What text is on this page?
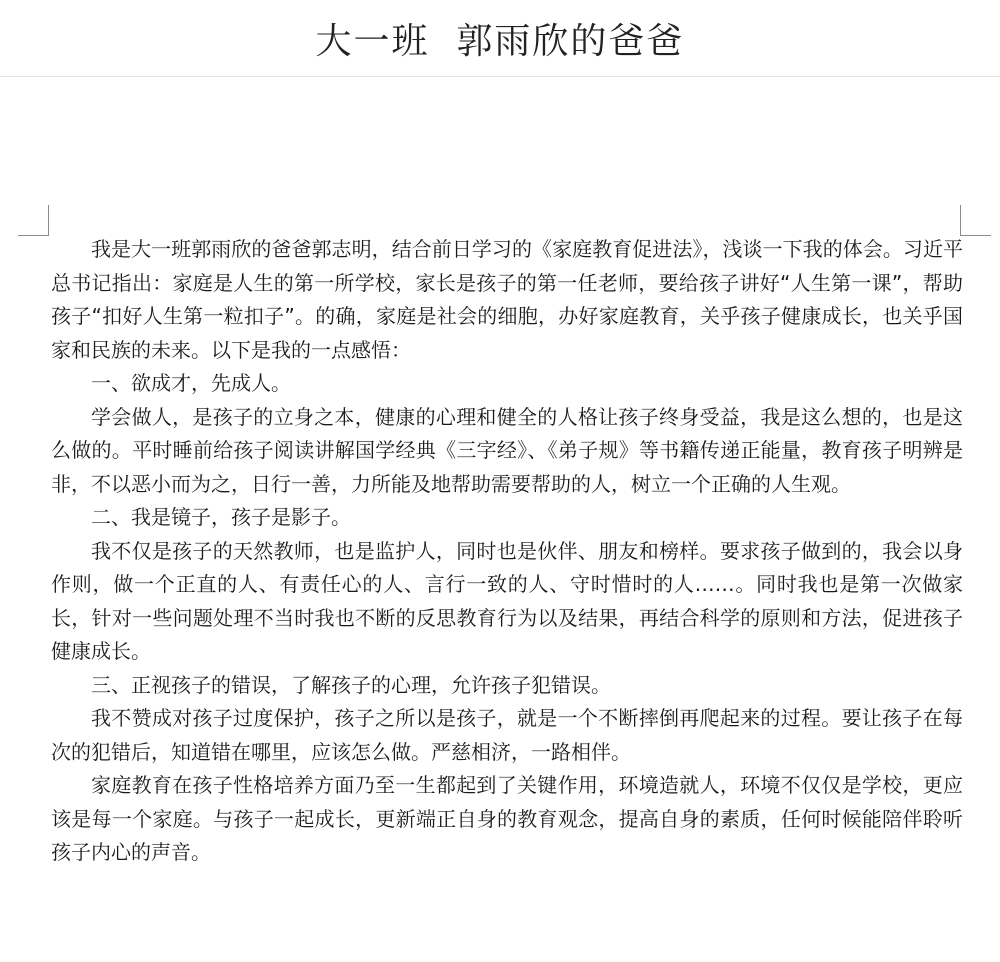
大一班  郭雨欣的爸爸

我是大一班郭雨欣的爸爸郭志明，结合前日学习的《家庭教育促进法》，浅谈一下我的体会。习近平总书记指出：家庭是人生的第一所学校，家长是孩子的第一任老师，要给孩子讲好“人生第一课”，帮助孩子“扣好人生第一粒扣子”。的确，家庭是社会的细胞，办好家庭教育，关乎孩子健康成长，也关乎国家和民族的未来。以下是我的一点感悟：

一、欲成才，先成人。

学会做人，是孩子的立身之本，健康的心理和健全的人格让孩子终身受益，我是这么想的，也是这么做的。平时睡前给孩子阅读讲解国学经典《三字经》、《弟子规》等书籍传递正能量，教育孩子明辨是非，不以恶小而为之，日行一善，力所能及地帮助需要帮助的人，树立一个正确的人生观。

二、我是镜子，孩子是影子。

我不仅是孩子的天然教师，也是监护人，同时也是伙伴、朋友和榜样。要求孩子做到的，我会以身作则，做一个正直的人、有责任心的人、言行一致的人、守时惜时的人……。同时我也是第一次做家长，针对一些问题处理不当时我也不断的反思教育行为以及结果，再结合科学的原则和方法，促进孩子健康成长。

三、正视孩子的错误，了解孩子的心理，允许孩子犯错误。

我不赞成对孩子过度保护，孩子之所以是孩子，就是一个不断摔倒再爬起来的过程。要让孩子在每次的犯错后，知道错在哪里，应该怎么做。严慈相济，一路相伴。

家庭教育在孩子性格培养方面乃至一生都起到了关键作用，环境造就人，环境不仅仅是学校，更应该是每一个家庭。与孩子一起成长，更新端正自身的教育观念，提高自身的素质，任何时候能陪伴聆听孩子内心的声音。
